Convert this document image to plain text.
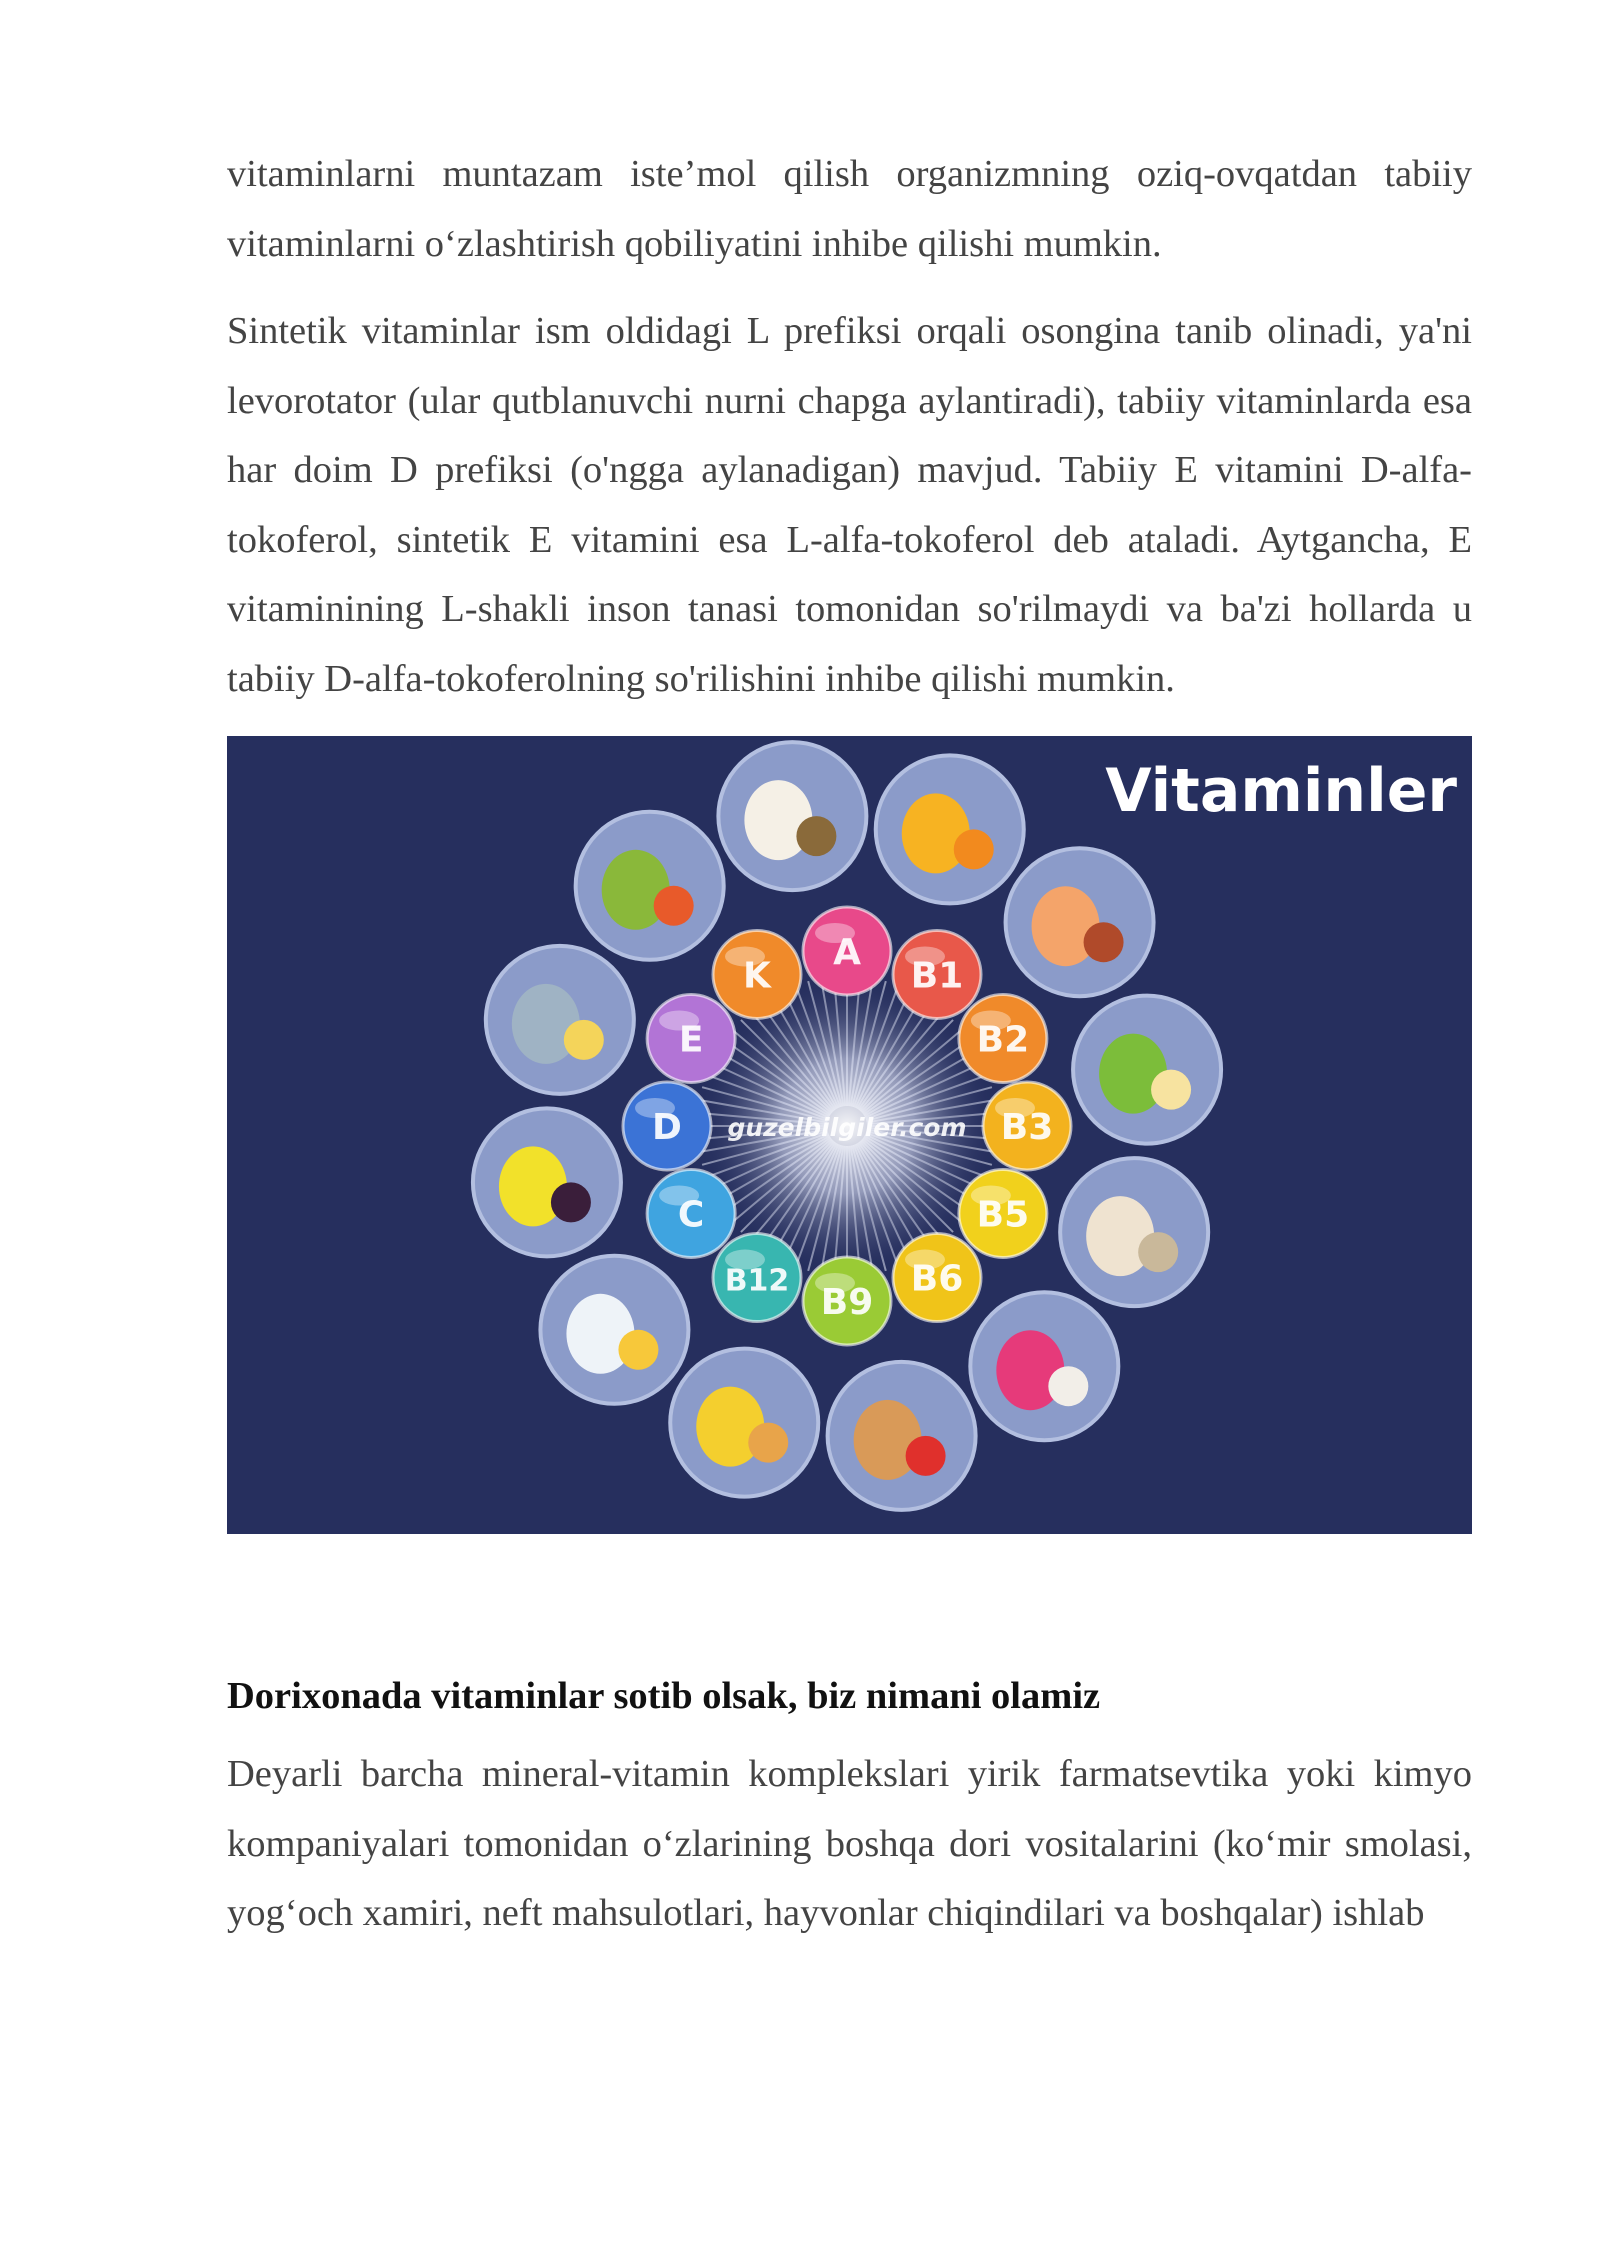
vitaminlarni muntazam iste’mol qilish organizmning oziq-ovqatdan tabiiy vitaminlarni o‘zlashtirish qobiliyatini inhibe qilishi mumkin.

Sintetik vitaminlar ism oldidagi L prefiksi orqali osongina tanib olinadi, ya'ni levorotator (ular qutblanuvchi nurni chapga aylantiradi), tabiiy vitaminlarda esa har doim D prefiksi (o'ngga aylanadigan) mavjud. Tabiiy E vitamini D-alfa-tokoferol, sintetik E vitamini esa L-alfa-tokoferol deb ataladi. Aytgancha, E vitaminining L-shakli inson tanasi tomonidan so'rilmaydi va ba'zi hollarda u tabiiy D-alfa-tokoferolning so'rilishini inhibe qilishi mumkin.

Vitaminler
A
B1
B2
B3
B5
B6
B9
B12
C
D
E
K
guzelbilgiler.com
Dorixonada vitaminlar sotib olsak, biz nimani olamiz

Deyarli barcha mineral-vitamin komplekslari yirik farmatsevtika yoki kimyo kompaniyalari tomonidan o‘zlarining boshqa dori vositalarini (ko‘mir smolasi, yog‘och xamiri, neft mahsulotlari, hayvonlar chiqindilari va boshqalar) ishlab
